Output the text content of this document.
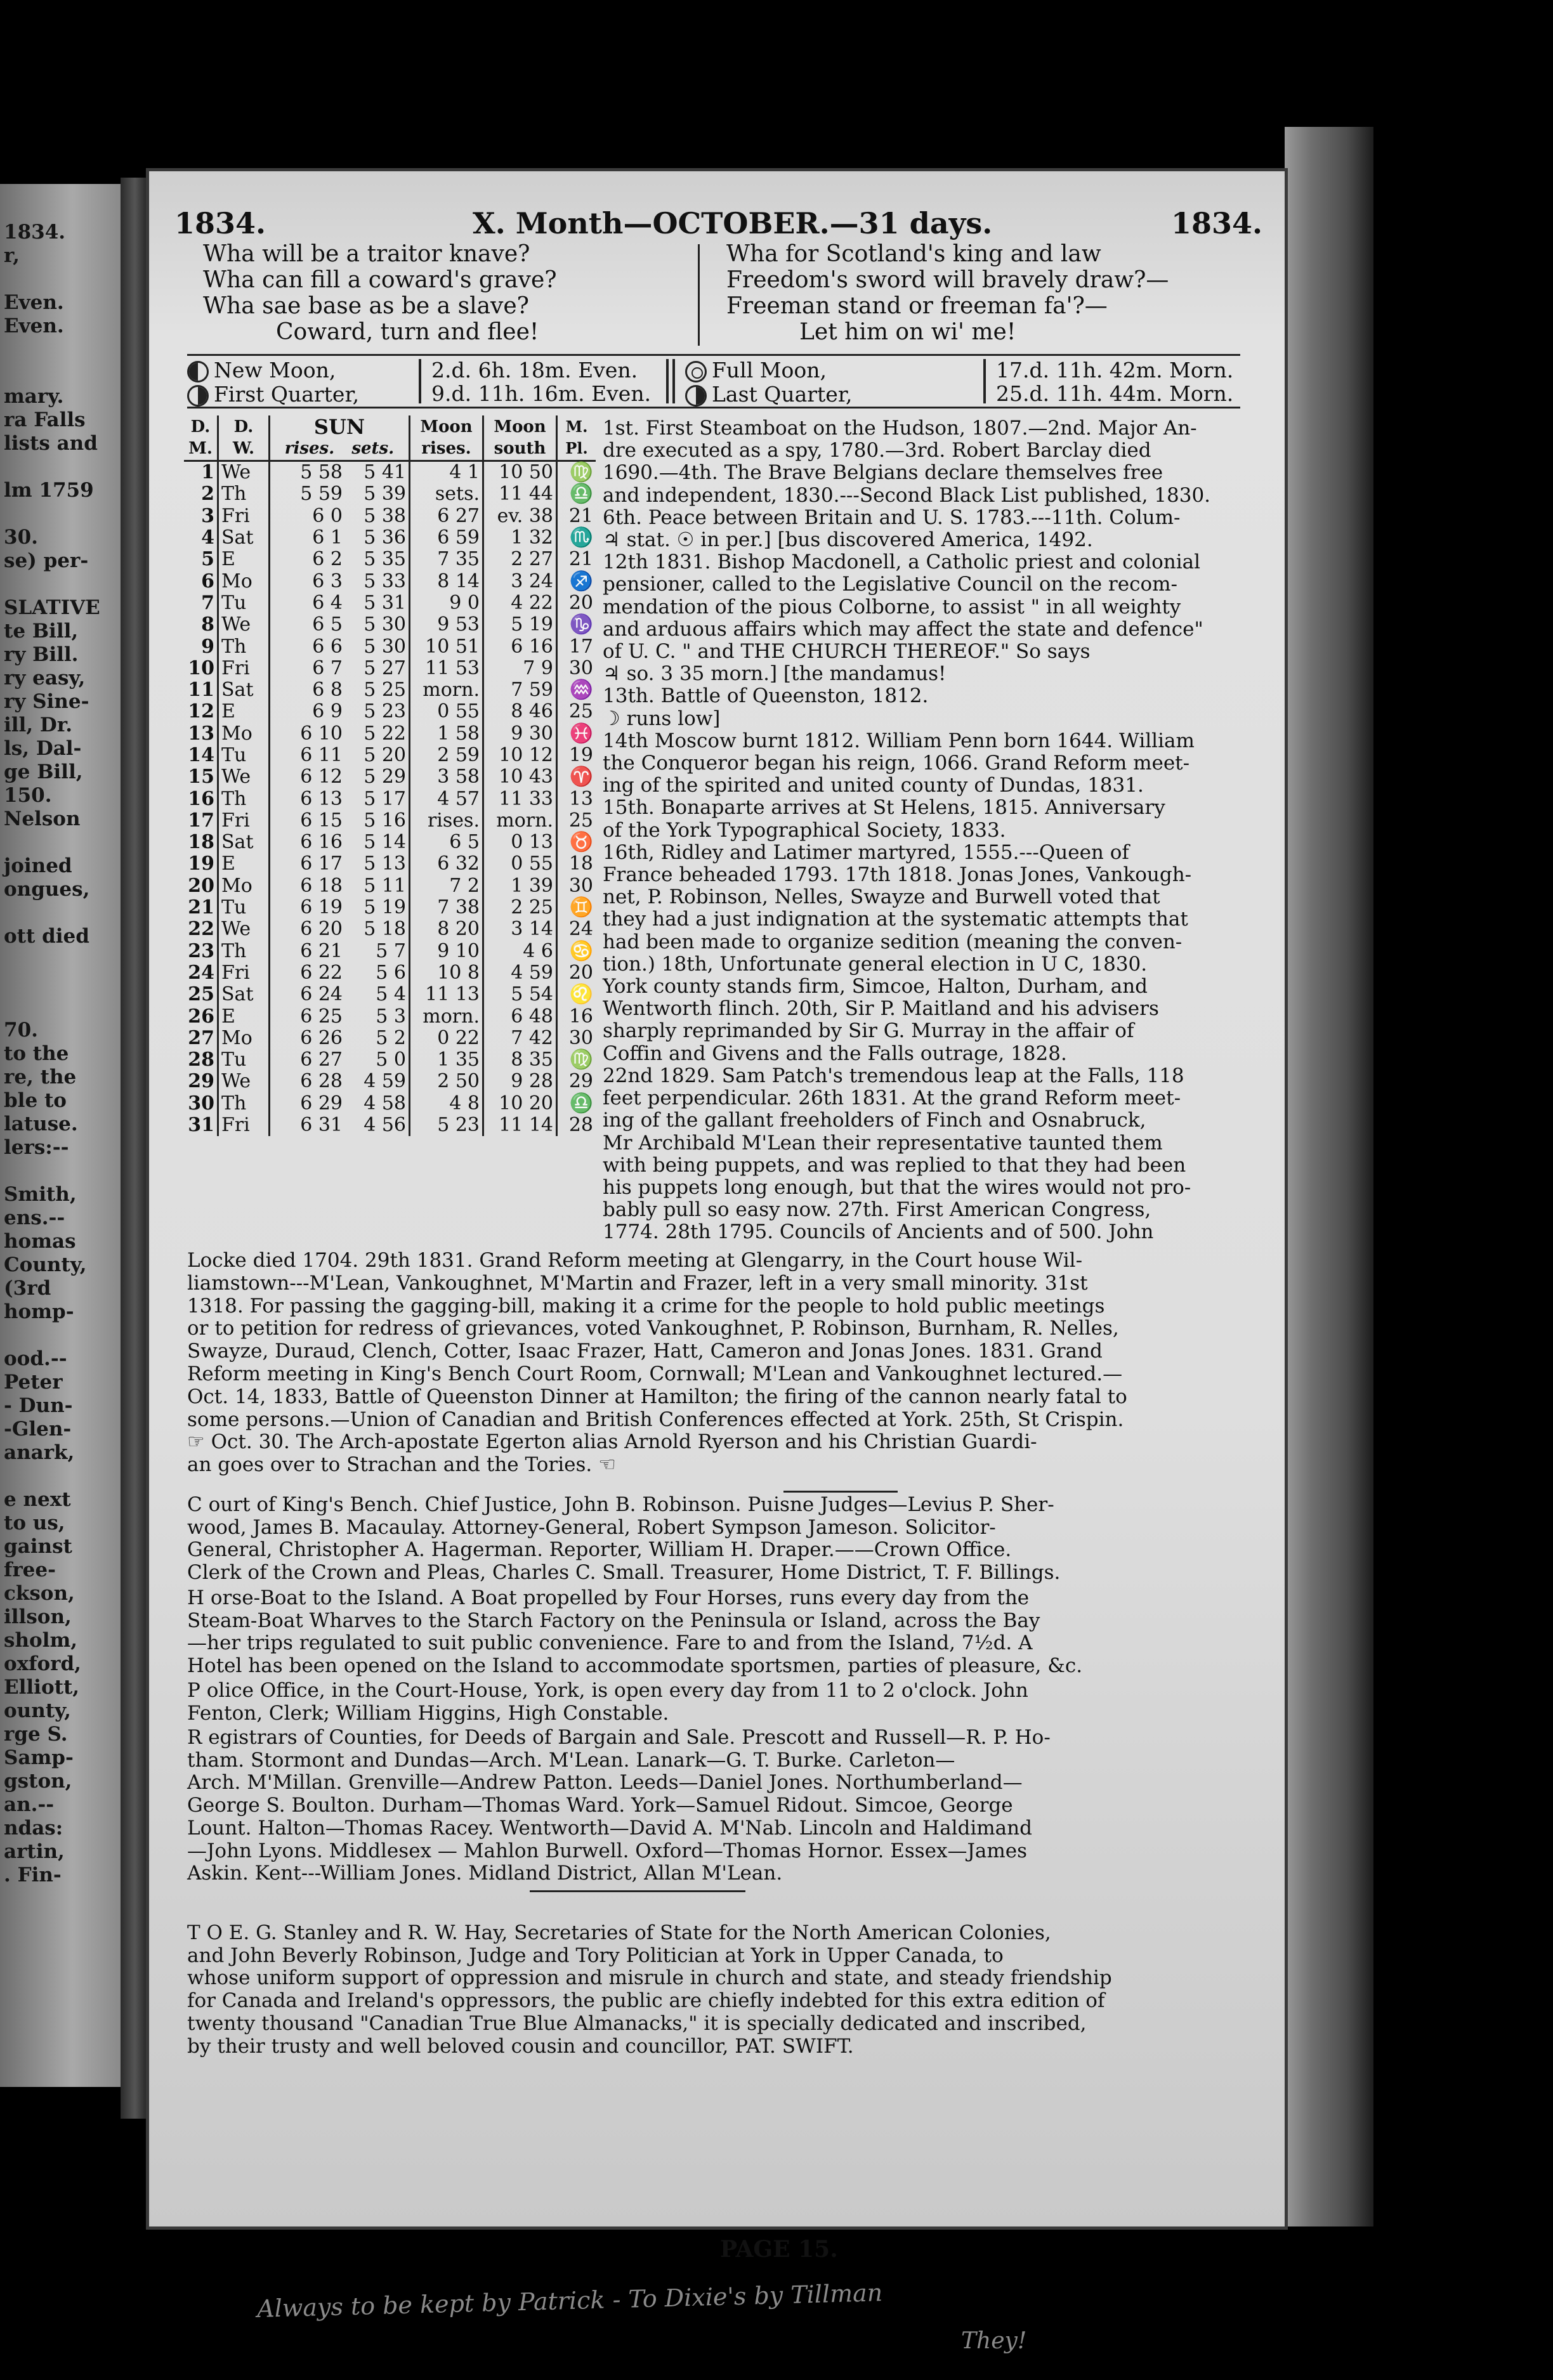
1834.
r,
Even.
Even.
mary.
ra Falls
lists and
lm 1759
30.
se) per-
SLATIVE
te Bill,
ry Bill.
ry easy,
ry Sine-
ill, Dr.
ls, Dal-
ge Bill,
150.
Nelson
joined
ongues,
ott died
70.
to the
re, the
ble to
latuse.
lers:--
Smith,
ens.--
homas
County,
(3rd
homp-
ood.--
Peter
- Dun-
-Glen-
anark,
e next
to us,
gainst
free-
ckson,
illson,
sholm,
oxford,
Elliott,
ounty,
rge S.
Samp-
gston,
an.--
ndas:
artin,
. Fin-
1834.	X. Month—OCTOBER.—31 days.	1834.
Wha will be a traitor knave?
Wha can fill a coward's grave?
Wha sae base as be a slave?
Coward, turn and flee!
Wha for Scotland's king and law
Freedom's sword will bravely draw?—
Freeman stand or freeman fa'?—
Let him on wi' me!
New Moon,
First Quarter,
2.d. 6h. 18m. Even.
9.d. 11h. 16m. Even.
Full Moon,
Last Quarter,
17.d. 11h. 42m. Morn.
25.d. 11h. 44m. Morn.
D. M.	D. W.	SUN
rises. sets.	Moon rises.	Moon south	M. Pl.
1	We	5 58 5 41	4 1	10 50	♍
2	Th	5 59 5 39	sets.	11 44	♎
3	Fri	6 0 5 38	6 27	ev. 38	21
4	Sat	6 1 5 36	6 59	1 32	♏
5	E	6 2 5 35	7 35	2 27	21
6	Mo	6 3 5 33	8 14	3 24	♐
7	Tu	6 4 5 31	9 0	4 22	20
8	We	6 5 5 30	9 53	5 19	♑
9	Th	6 6 5 30	10 51	6 16	17
10	Fri	6 7 5 27	11 53	7 9	30
11	Sat	6 8 5 25	morn.	7 59	♒
12	E	6 9 5 23	0 55	8 46	25
13	Mo	6 10 5 22	1 58	9 30	♓
14	Tu	6 11 5 20	2 59	10 12	19
15	We	6 12 5 29	3 58	10 43	♈
16	Th	6 13 5 17	4 57	11 33	13
17	Fri	6 15 5 16	rises.	morn.	25
18	Sat	6 16 5 14	6 5	0 13	♉
19	E	6 17 5 13	6 32	0 55	18
20	Mo	6 18 5 11	7 2	1 39	30
21	Tu	6 19 5 19	7 38	2 25	♊
22	We	6 20 5 18	8 20	3 14	24
23	Th	6 21 5 7	9 10	4 6	♋
24	Fri	6 22 5 6	10 8	4 59	20
25	Sat	6 24 5 4	11 13	5 54	♌
26	E	6 25 5 3	morn.	6 48	16
27	Mo	6 26 5 2	0 22	7 42	30
28	Tu	6 27 5 0	1 35	8 35	♍
29	We	6 28 4 59	2 50	9 28	29
30	Th	6 29 4 58	4 8	10 20	♎
31	Fri	6 31 4 56	5 23	11 14	28
1st. First Steamboat on the Hudson, 1807.—2nd. Major An-
dre executed as a spy, 1780.—3rd. Robert Barclay died
1690.—4th. The Brave Belgians declare themselves free
and independent, 1830.---Second Black List published, 1830.
6th. Peace between Britain and U. S. 1783.---11th. Colum-
♃ stat. ☉ in per.] [bus discovered America, 1492.
12th 1831. Bishop Macdonell, a Catholic priest and colonial
pensioner, called to the Legislative Council on the recom-
mendation of the pious Colborne, to assist " in all weighty
and arduous affairs which may affect the state and defence"
of U. C. " and THE CHURCH THEREOF." So says
♃ so. 3 35 morn.] [the mandamus!
13th. Battle of Queenston, 1812.
☽ runs low]
14th Moscow burnt 1812. William Penn born 1644. William
the Conqueror began his reign, 1066. Grand Reform meet-
ing of the spirited and united county of Dundas, 1831.
15th. Bonaparte arrives at St Helens, 1815. Anniversary
of the York Typographical Society, 1833.
16th, Ridley and Latimer martyred, 1555.---Queen of
France beheaded 1793. 17th 1818. Jonas Jones, Vankough-
net, P. Robinson, Nelles, Swayze and Burwell voted that
they had a just indignation at the systematic attempts that
had been made to organize sedition (meaning the conven-
tion.) 18th, Unfortunate general election in U C, 1830.
York county stands firm, Simcoe, Halton, Durham, and
Wentworth flinch. 20th, Sir P. Maitland and his advisers
sharply reprimanded by Sir G. Murray in the affair of
Coffin and Givens and the Falls outrage, 1828.
22nd 1829. Sam Patch's tremendous leap at the Falls, 118
feet perpendicular. 26th 1831. At the grand Reform meet-
ing of the gallant freeholders of Finch and Osnabruck,
Mr Archibald M'Lean their representative taunted them
with being puppets, and was replied to that they had been
his puppets long enough, but that the wires would not pro-
bably pull so easy now. 27th. First American Congress,
1774. 28th 1795. Councils of Ancients and of 500. John
Locke died 1704. 29th 1831. Grand Reform meeting at Glengarry, in the Court house Wil-
liamstown---M'Lean, Vankoughnet, M'Martin and Frazer, left in a very small minority. 31st
1318. For passing the gagging-bill, making it a crime for the people to hold public meetings
or to petition for redress of grievances, voted Vankoughnet, P. Robinson, Burnham, R. Nelles,
Swayze, Duraud, Clench, Cotter, Isaac Frazer, Hatt, Cameron and Jonas Jones. 1831. Grand
Reform meeting in King's Bench Court Room, Cornwall; M'Lean and Vankoughnet lectured.—
Oct. 14, 1833, Battle of Queenston Dinner at Hamilton; the firing of the cannon nearly fatal to
some persons.—Union of Canadian and British Conferences effected at York. 25th, St Crispin.
☞ Oct. 30. The Arch-apostate Egerton alias Arnold Ryerson and his Christian Guardi-
an goes over to Strachan and the Tories. ☜
C ourt of King's Bench. Chief Justice, John B. Robinson. Puisne Judges—Levius P. Sher-
wood, James B. Macaulay. Attorney-General, Robert Sympson Jameson. Solicitor-
General, Christopher A. Hagerman. Reporter, William H. Draper.——Crown Office.
Clerk of the Crown and Pleas, Charles C. Small. Treasurer, Home District, T. F. Billings.
H orse-Boat to the Island. A Boat propelled by Four Horses, runs every day from the
Steam-Boat Wharves to the Starch Factory on the Peninsula or Island, across the Bay
—her trips regulated to suit public convenience. Fare to and from the Island, 7½d. A
Hotel has been opened on the Island to accommodate sportsmen, parties of pleasure, &c.
P olice Office, in the Court-House, York, is open every day from 11 to 2 o'clock. John
Fenton, Clerk; William Higgins, High Constable.
R egistrars of Counties, for Deeds of Bargain and Sale. Prescott and Russell—R. P. Ho-
tham. Stormont and Dundas—Arch. M'Lean. Lanark—G. T. Burke. Carleton—
Arch. M'Millan. Grenville—Andrew Patton. Leeds—Daniel Jones. Northumberland—
George S. Boulton. Durham—Thomas Ward. York—Samuel Ridout. Simcoe, George
Lount. Halton—Thomas Racey. Wentworth—David A. M'Nab. Lincoln and Haldimand
—John Lyons. Middlesex — Mahlon Burwell. Oxford—Thomas Hornor. Essex—James
Askin. Kent---William Jones. Midland District, Allan M'Lean.
T O E. G. Stanley and R. W. Hay, Secretaries of State for the North American Colonies,
and John Beverly Robinson, Judge and Tory Politician at York in Upper Canada, to
whose uniform support of oppression and misrule in church and state, and steady friendship
for Canada and Ireland's oppressors, the public are chiefly indebted for this extra edition of
twenty thousand "Canadian True Blue Almanacks," it is specially dedicated and inscribed,
by their trusty and well beloved cousin and councillor, PAT. SWIFT.
PAGE 15.
Always to be kept by Patrick - To Dixie's by Tillman
They!
